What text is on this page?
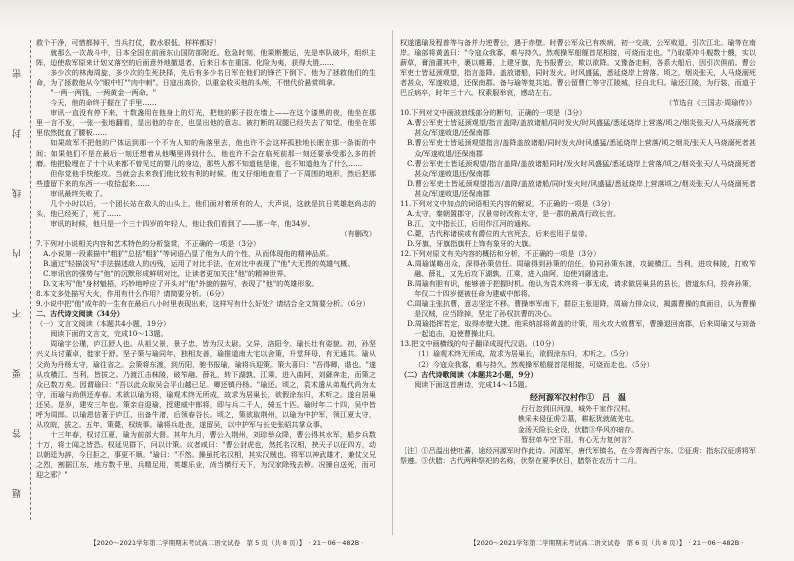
密
封
线
内
不
要
答
题

救个干净，可惜都掉干，当兵打仗，救水很低，样样都好！

就那么一次战斗中，日本全国在前面东山国防部附近。危急时刻，他果断搬运，先是率队破坏，组织主阵，迫使敌军原来计划又落空的后面意外地撤退者，后来日本在重国、化险为夷，获得大胜……

多少次的林海周旋，多少次的生死抉择，先后有多少名日军在他们的锋芒下倒下。他为了拯救他们的生命，为了拯救他从今"眼中钉""肉中刺"。日寇出高价，以重金收买他的头颅，不惜代价悬赏缉拿。

"一两一两钱，一两黄金一两命。"

今天，他的命终于握在了手里……

审讯一直没有停下来，十数盏用在他身上的灯光，把他的影子投在墙上——在这个漆黑的夜，他坐在那里一言不发，一张一张地翻看，显出他的存在，也显出他的意志。被打断的双腿已经失去了知觉，他坐在那里依然挺直了腰板……

如果敌军不把他的尸体运到那一个不为人知的角落里去，他也许不会这样孤独地长眠在那一条街的中间；如果他们不是在最后一刻还想着从他嘴里得到什么，他也许不会在临死前那一刻还要承受那么多的折磨。他把脸埋在了十个从来都不曾见过的婴儿的身边，那些人都不知道他是谁，也不知道他为了什么……

但你觉他手快能攻。当就会去来我们他比较有利的时候，他又仔细地查看了一下周围的地形，然后把那些遗留下来的东西一一收拾起来……

审讯最终失败了。

几个小时以后，一个团长站在敌人的山头上，他们面对着所有的人，大声说，这就是抗日英雄赵尚志的头，他已经死了，死了……

审讯的时候，他只是一个三十四岁的年轻人，他让我们看到了——那一年，他34岁。

（有删改）

7.下列对小说相关内容和艺术特色的分析鉴赏，不正确的一项是（3分）

A.小说第一段素描中"粗犷"总括"粗犷"等词语凸显了他为人的个性，从而体现他的精神品质。

B.通过"轻描淡写"手法描述敌人的凶残，运用了对比手法，在对比中表现了"他"大无畏的英雄气概。

C.审讯官的强势与"他"的沉默形成鲜明对比，让读者更加关注"他"的精神世界。

D.文末写"他"身材魁梧，巧妙地呼应了开头对"他"外貌的描写，表现了"他"的英雄形象。

8.本文多处描写大火，作用有什么作用？请简要分析。（6分）

9.小说中把"他"成年的一生有在最后八小时里表现出来，这样写有什么好处？请结合全文简要分析。（6分）

二、古代诗文阅读（34分）

（一）文言文阅读（本题共4小题，19分）

阅读下面的文言文，完成10～13题。

周瑜字公瑾，庐江舒人也。从祖父景，景子忠，皆为汉太尉。父异，洛阳令。瑜长壮有姿貌。初，孙坚兴义兵讨董卓，徙家于舒。坚子策与瑜同年，独相友善，瑜推道南大宅以舍策，升堂拜母，有无通共。瑜从父尚为丹杨太守，瑜往省之。会策将东渡，到历阳，驰书报瑜，瑜将兵迎策。策大喜曰："吾得卿，谐也。"遂从攻横江、当利，皆拔之。乃渡江击秣陵，破笮融、薛礼，转下湖孰、江乘，进入曲阿，刘繇奔走，而策之众已数万矣。因谓瑜曰："吾以此众取吴会平山越已足。卿还镇丹杨。"瑜还。顷之，袁术遣从弟胤代尚为太守，而瑜与尚俱还寿春。术欲以瑜为将，瑜观术终无所成，故求为居巢长，欲假涂东归，术听之。遂自居巢还吴。是岁，建安三年也。策亲自迎瑜，授建威中郎将，即与兵二千人，骑五十匹。瑜时年二十四，吴中皆呼为周郎。以瑜恩信著于庐江，出备牛渚，后领春谷长。顷之，策欲取荆州，以瑜为中护军，领江夏太守，从攻皖，拔之。五年，策薨，权统事。瑜将兵赴丧，遂留吴，以中护军与长史张昭共掌众事。

十三年春，权讨江夏，瑜为前部大督。其年九月，曹公入荆州，刘琮举众降，曹公得其水军，船步兵数十万，将士闻之皆恐。权延见群下，问以计策。议者咸曰："曹公豺虎也，然托名汉相，挟天子以征四方，动以朝廷为辞，今日拒之，事更不顺。"瑜曰："不然。操虽托名汉相，其实汉贼也。将军以神武雄才，兼仗父兄之烈，割据江东，地方数千里，兵精足用，英雄乐业，尚当横行天下，为汉家除残去秽。况操自送死，而可迎之邪？"

权遂遣瑜及程普等与备并力逆曹公，遇于赤壁。时曹公军众已有疾病，初一交战，公军败退，引次江北。瑜等在南岸。瑜部将黄盖曰："今寇众我寡，难与持久。然观操军船舰首尾相接，可烧而走也。"乃取蒙冲斗舰数十艘，实以薪草，膏油灌其中，裹以帷幕，上建牙旗，先书报曹公，欺以欲降。又豫备走舸，各系大船后，因引次俱前。曹公军吏士皆延颈观望，指言盖降。盖放诸船，同时发火。时风盛猛，悉延烧岸上营落。顷之，烟炎张天，人马烧溺死者甚众，军遂败退，还保南郡。备与瑜等复共追。曹公留曹仁等守江陵城，径自北归。瑜还江陵，为行装，而道于巴丘病卒，时年三十六。权素服举哀，感动左右。

（节选自《三国志·周瑜传》）

10.下列对文中画波浪线部分的断句，正确的一项是（3分）

A.曹公军吏士皆延颈观望/指言盖降/盖放诸船/同时发火/时风盛猛/悉延烧岸上营落/顷之/烟炎张天/人马烧溺死者甚众/军遂败退/还保南郡

B.曹公军吏士皆延颈观望指言/盖降盖放诸船/同时发火/时风盛猛/悉延烧岸上营落/顷之烟炎/张天人马烧溺死者甚众/军遂败退/还保南郡

C.曹公军吏士皆延颈观望/指言盖降/盖放诸船同时/发火时风盛猛/悉延烧岸上营落/顷之/烟炎张天/人马烧溺死者甚众/军遂败退还/保南郡

D.曹公军吏士皆延颈观望指言/盖降/盖放诸船/同时发火时/风盛猛/悉延烧岸上营落顷之/烟炎张天/人马烧溺死者甚众/军遂败退/还保南郡

11.下列对文中加点的词语相关内容的解说，不正确的一项是（3分）

A.太守，秦朝置郡守，汉景帝时改称太守，是一郡的最高行政长官。

B.江，文中指长江，后用作江河的通称。

C.薨，古代称诸侯或有爵位的大官死去，后来也用于皇帝。

D.牙旗，牙旗指旗杆上饰有象牙的大旗。

12.下列对原文有关内容的概括和分析，不正确的一项是（3分）

A.周瑜谋略出众，深得孙策信任。周瑜得到孙策的信任，协同孙策东渡，攻破横江、当利，进攻秣陵，打败笮融、薛礼，又先后攻下湖孰、江乘，进入曲阿，迫使刘繇逃走。

B.周瑜有胆有识，能够善于把握时机。他认为袁术终将一事无成，请求做居巢县的县长，借道东归，投奔孙策，年仅二十四岁便被任命为建威中郎将。

C.周瑜主张抗曹，意志坚定不移。曹操率军南下，群臣主张迎降，周瑜力排众议，揭露曹操的真面目，认为曹操是汉贼，应当除掉，坚定了孙权抗曹的决心。

D.周瑜指挥若定，取得赤壁大捷。他采纳部将黄盖的计策，用火攻大败曹军，曹操退回南郡，后来周瑜又与刘备一起追击，迫使曹操北归。

13.把文中画横线的句子翻译成现代汉语。（10分）

（1）瑜观术终无所成，故求为居巢长，欲假涂东归，术听之。（5分）

（2）今寇众我寡，难与持久。然观操军船舰首尾相接，可烧而走也。（5分）

（二）古代诗歌阅读（本题共2小题，9分）

阅读下面这首唐诗，完成14～15题。

经河源军汉村作①　吕　温

行行忽到旧河湟，城外千家作汉村。

樵采未侵征虏②墓，耕耘犹就破羌屯。

金汤天险长全设，伏腊③华风亦暗存。

暂驻单车空下泪，有心无力复何言？

［注］①吕温出使吐蕃，途经河源军时作此诗。河源军，唐代军镇名，在今青海西宁东。②征虏：指东汉征虏将军祭遵。③伏腊：古代两种祭祀的名称，伏祭在夏季伏日，腊祭在农历十二月。

【2020～2021学年第二学期期末考试高二语文试卷　第 5 页（共 8 页）】　· 21－06－482B ·	【2020～2021学年第二学期期末考试高二语文试卷　第 6 页（共 8 页）】　· 21－06－482B ·
